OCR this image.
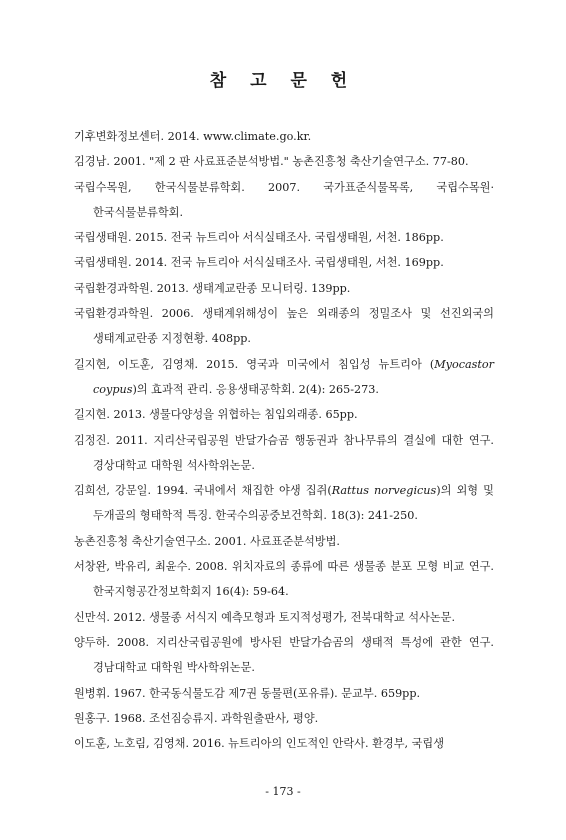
참 고 문 헌
기후변화정보센터. 2014. www.climate.go.kr.
김경남. 2001. "제 2 판 사료표준분석방법." 농촌진흥청 축산기술연구소. 77-80.
국립수목원, 한국식물분류학회. 2007. 국가표준식물목록, 국립수목원·한국식물분류학회.
국립생태원. 2015. 전국 뉴트리아 서식실태조사. 국립생태원, 서천. 186pp.
국립생태원. 2014. 전국 뉴트리아 서식실태조사. 국립생태원, 서천. 169pp.
국립환경과학원. 2013. 생태계교란종 모니터링. 139pp.
국립환경과학원. 2006. 생태계위해성이 높은 외래종의 정밀조사 및 선진외국의 생태계교란종 지정현황. 408pp.
길지현, 이도훈, 김영채. 2015. 영국과 미국에서 침입성 뉴트리아 (Myocastor coypus)의 효과적 관리. 응용생태공학회. 2(4): 265-273.
길지현. 2013. 생물다양성을 위협하는 침입외래종. 65pp.
김정진. 2011. 지리산국립공원 반달가슴곰 행동권과 참나무류의 결실에 대한 연구. 경상대학교 대학원 석사학위논문.
김희선, 강문일. 1994. 국내에서 채집한 야생 집쥐(Rattus norvegicus)의 외형 및 두개골의 형태학적 특징. 한국수의공중보건학회. 18(3): 241-250.
농촌진흥청 축산기술연구소. 2001. 사료표준분석방법.
서창완, 박유리, 최윤수. 2008. 위치자료의 종류에 따른 생물종 분포 모형 비교 연구. 한국지형공간정보학회지 16(4): 59-64.
신만석. 2012. 생물종 서식지 예측모형과 토지적성평가, 전북대학교 석사논문.
양두하. 2008. 지리산국립공원에 방사된 반달가슴곰의 생태적 특성에 관한 연구. 경남대학교 대학원 박사학위논문.
원병휘. 1967. 한국동식물도감 제7권 동물편(포유류). 문교부. 659pp.
원홍구. 1968. 조선짐승류지. 과학원출판사, 평양.
이도훈, 노호림, 김영채. 2016. 뉴트리아의 인도적인 안락사. 환경부, 국립생
- 173 -
